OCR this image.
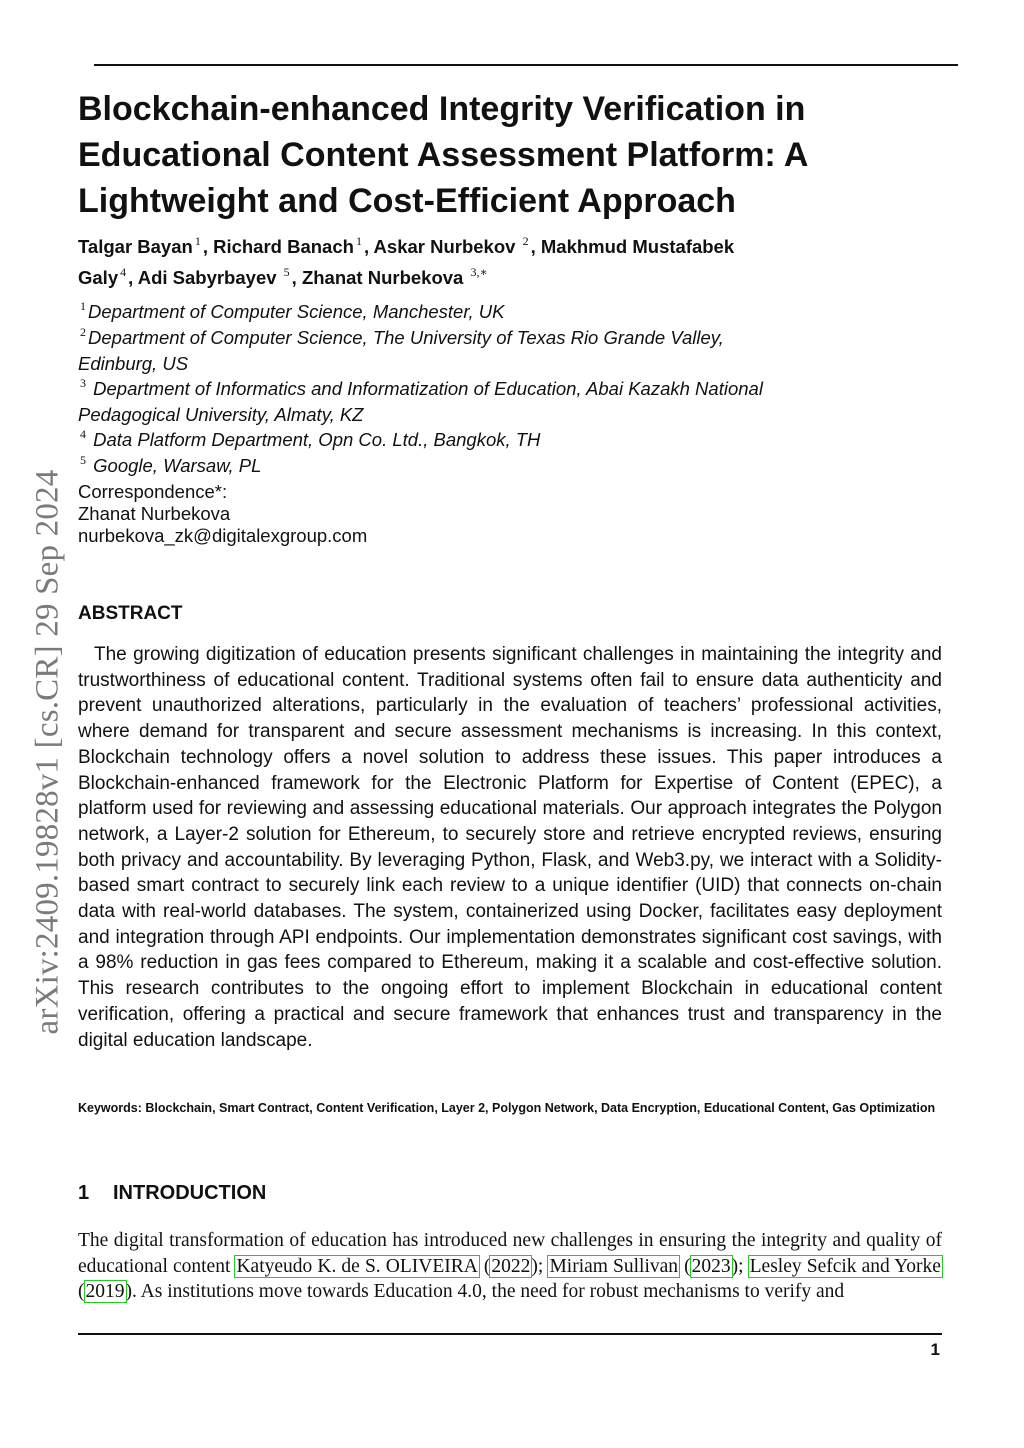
arXiv:2409.19828v1 [cs.CR] 29 Sep 2024
Blockchain-enhanced Integrity Verification in
Educational Content Assessment Platform: A
Lightweight and Cost-Efficient Approach
Talgar Bayan $^1$ , Richard Banach $^1$ , Askar Nurbekov $^2$ , Makhmud Mustafabek
Galy $^4$ , Adi Sabyrbayev $^5$ , Zhanat Nurbekova $^{3,∗}$
$^1$ Department of Computer Science, Manchester, UK
$^2$ Department of Computer Science, The University of Texas Rio Grande Valley,
Edinburg, US
$^3$ Department of Informatics and Informatization of Education, Abai Kazakh National
Pedagogical University, Almaty, KZ
$^4$ Data Platform Department, Opn Co. Ltd., Bangkok, TH
$^5$ Google, Warsaw, PL
Correspondence*:
Zhanat Nurbekova
nurbekova_zk@digitalexgroup.com
ABSTRACT

The growing digitization of education presents significant challenges in maintaining the integrity and trustworthiness of educational content. Traditional systems often fail to ensure data authenticity and prevent unauthorized alterations, particularly in the evaluation of teachers’ professional activities, where demand for transparent and secure assessment mechanisms is increasing. In this context, Blockchain technology offers a novel solution to address these issues. This paper introduces a Blockchain-enhanced framework for the Electronic Platform for Expertise of Content (EPEC), a platform used for reviewing and assessing educational materials. Our approach integrates the Polygon network, a Layer-2 solution for Ethereum, to securely store and retrieve encrypted reviews, ensuring both privacy and accountability. By leveraging Python, Flask, and Web3.py, we interact with a Solidity-based smart contract to securely link each review to a unique identifier (UID) that connects on-chain data with real-world databases. The system, containerized using Docker, facilitates easy deployment and integration through API endpoints. Our implementation demonstrates significant cost savings, with a 98% reduction in gas fees compared to Ethereum, making it a scalable and cost-effective solution. This research contributes to the ongoing effort to implement Blockchain in educational content verification, offering a practical and secure framework that enhances trust and transparency in the digital education landscape.

Keywords: Blockchain, Smart Contract, Content Verification, Layer 2, Polygon Network, Data Encryption, Educational Content, Gas Optimization

1 INTRODUCTION

The digital transformation of education has introduced new challenges in ensuring the integrity and quality of educational content Katyeudo K. de S. OLIVEIRA (2022); Miriam Sullivan (2023); Lesley Sefcik and Yorke (2019). As institutions move towards Education 4.0, the need for robust mechanisms to verify and

1
